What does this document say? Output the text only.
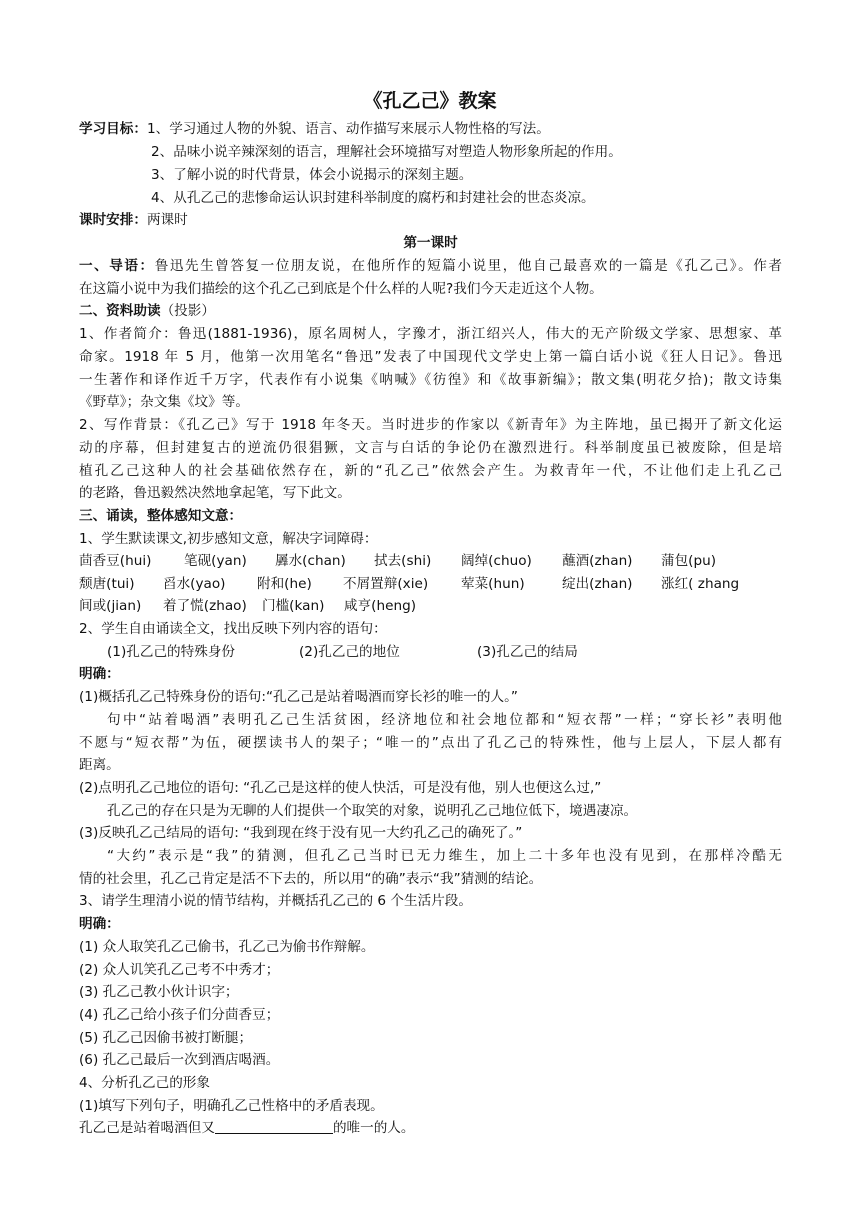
《孔乙己》教案
学习目标：1、学习通过人物的外貌、语言、动作描写来展示人物性格的写法。
2、品味小说辛辣深刻的语言，理解社会环境描写对塑造人物形象所起的作用。
3、了解小说的时代背景，体会小说揭示的深刻主题。
4、从孔乙己的悲惨命运认识封建科举制度的腐朽和封建社会的世态炎凉。
课时安排：两课时
第一课时
一、导语：鲁迅先生曾答复一位朋友说，在他所作的短篇小说里，他自己最喜欢的一篇是《孔乙己》。作者
在这篇小说中为我们描绘的这个孔乙己到底是个什么样的人呢?我们今天走近这个人物。
二、资料助读（投影）
1、作者简介：鲁迅(1881-1936)，原名周树人，字豫才，浙江绍兴人，伟大的无产阶级文学家、思想家、革
命家。1918 年 5 月，他第一次用笔名“鲁迅”发表了中国现代文学史上第一篇白话小说《狂人日记》。鲁迅
一生著作和译作近千万字，代表作有小说集《呐喊》《彷徨》和《故事新编》；散文集(明花夕拾)；散文诗集
《野草》；杂文集《坟》等。
2、写作背景：《孔乙己》写于 1918 年冬天。当时进步的作家以《新青年》为主阵地，虽已揭开了新文化运
动的序幕，但封建复古的逆流仍很猖獗，文言与白话的争论仍在激烈进行。科举制度虽已被废除，但是培
植孔乙己这种人的社会基础依然存在，新的“孔乙己”依然会产生。为救青年一代，不让他们走上孔乙己
的老路，鲁迅毅然决然地拿起笔，写下此文。
三、诵读，整体感知文意：
1、学生默读课文,初步感知文意，解决字词障碍：
茴香豆(hui) 笔砚(yan) 羼水(chan) 拭去(shi) 阔绰(chuo) 蘸酒(zhan) 蒲包(pu)
颓唐(tui) 舀水(yao) 附和(he) 不屑置辩(xie) 荤菜(hun)	绽出(zhan) 涨红( zhang
间或(jian) 着了慌(zhao) 门槛(kan) 咸亨(heng)
2、学生自由诵读全文，找出反映下列内容的语句：
(1)孔乙己的特殊身份	(2)孔乙己的地位	(3)孔乙己的结局
明确：
(1)概括孔乙己特殊身份的语句:“孔乙己是站着喝酒而穿长衫的唯一的人。”
句中“站着喝酒”表明孔乙己生活贫困，经济地位和社会地位都和“短衣帮”一样；“穿长衫”表明他
不愿与“短衣帮”为伍，硬摆读书人的架子；“唯一的”点出了孔乙己的特殊性，他与上层人，下层人都有
距离。
(2)点明孔乙己地位的语句: “孔乙己是这样的使人快活，可是没有他，别人也便这么过,”
孔乙己的存在只是为无聊的人们提供一个取笑的对象，说明孔乙己地位低下，境遇凄凉。
(3)反映孔乙己结局的语句: “我到现在终于没有见一大约孔乙己的确死了。”
“大约”表示是“我”的猜测，但孔乙己当时已无力维生，加上二十多年也没有见到，在那样冷酷无
情的社会里，孔乙己肯定是活不下去的，所以用“的确”表示“我”猜测的结论。
3、请学生理清小说的情节结构，并概括孔乙己的 6 个生活片段。
明确：
(1) 众人取笑孔乙己偷书，孔乙己为偷书作辩解。
(2) 众人讥笑孔乙己考不中秀才；
(3) 孔乙己教小伙计识字；
(4) 孔乙己给小孩子们分茴香豆；
(5) 孔乙己因偷书被打断腿；
(6) 孔乙己最后一次到酒店喝酒。
4、分析孔乙己的形象
(1)填写下列句子，明确孔乙己性格中的矛盾表现。
孔乙己是站着喝酒但又	的唯一的人。
